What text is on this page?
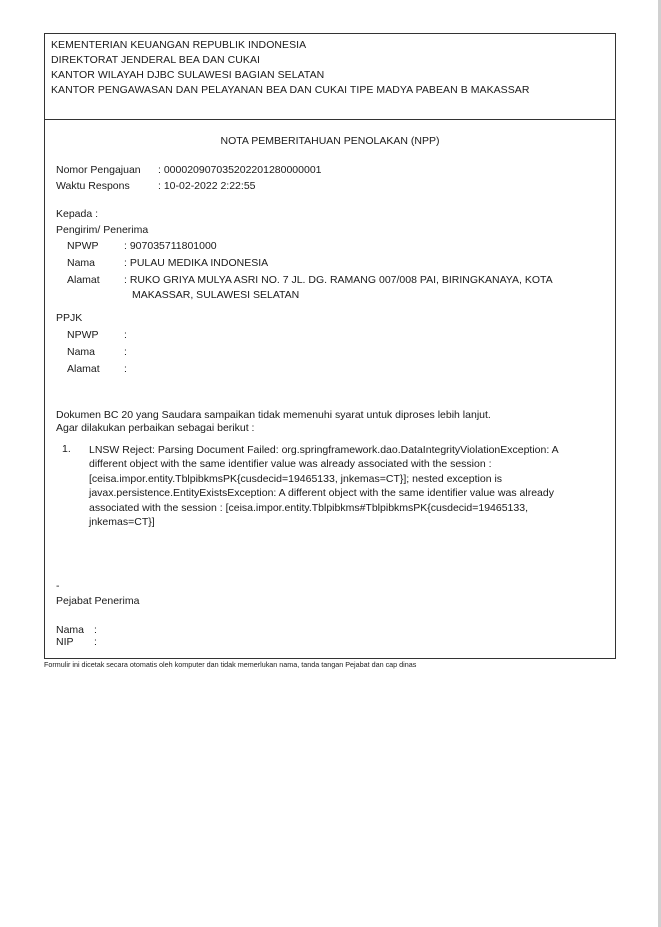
KEMENTERIAN KEUANGAN REPUBLIK INDONESIA
DIREKTORAT JENDERAL BEA DAN CUKAI
KANTOR WILAYAH DJBC SULAWESI BAGIAN SELATAN
KANTOR PENGAWASAN DAN PELAYANAN BEA DAN CUKAI TIPE MADYA PABEAN B MAKASSAR
NOTA PEMBERITAHUAN PENOLAKAN (NPP)
Nomor Pengajuan : 000020907035202201280000001
Waktu Respons	: 10-02-2022 2:22:55
Kepada :
Pengirim/ Penerima
NPWP : 907035711801000
Nama	: PULAU MEDIKA INDONESIA
Alamat : RUKO GRIYA MULYA ASRI NO. 7 JL. DG. RAMANG 007/008 PAI, BIRINGKANAYA, KOTA
MAKASSAR, SULAWESI SELATAN
PPJK
NPWP :
Nama	:
Alamat :
Dokumen BC 20 yang Saudara sampaikan tidak memenuhi syarat untuk diproses lebih lanjut.
Agar dilakukan perbaikan sebagai berikut :
1. LNSW Reject: Parsing Document Failed: org.springframework.dao.DataIntegrityViolationException: A different object with the same identifier value was already associated with the session : [ceisa.impor.entity.TblpibkmsPK{cusdecid=19465133, jnkemas=CT}]; nested exception is javax.persistence.EntityExistsException: A different object with the same identifier value was already associated with the session : [ceisa.impor.entity.Tblpibkms#TblpibkmsPK{cusdecid=19465133, jnkemas=CT}]
-
Pejabat Penerima
Nama :
NIP :
Formulir ini dicetak secara otomatis oleh komputer dan tidak memerlukan nama, tanda tangan Pejabat dan cap dinas
